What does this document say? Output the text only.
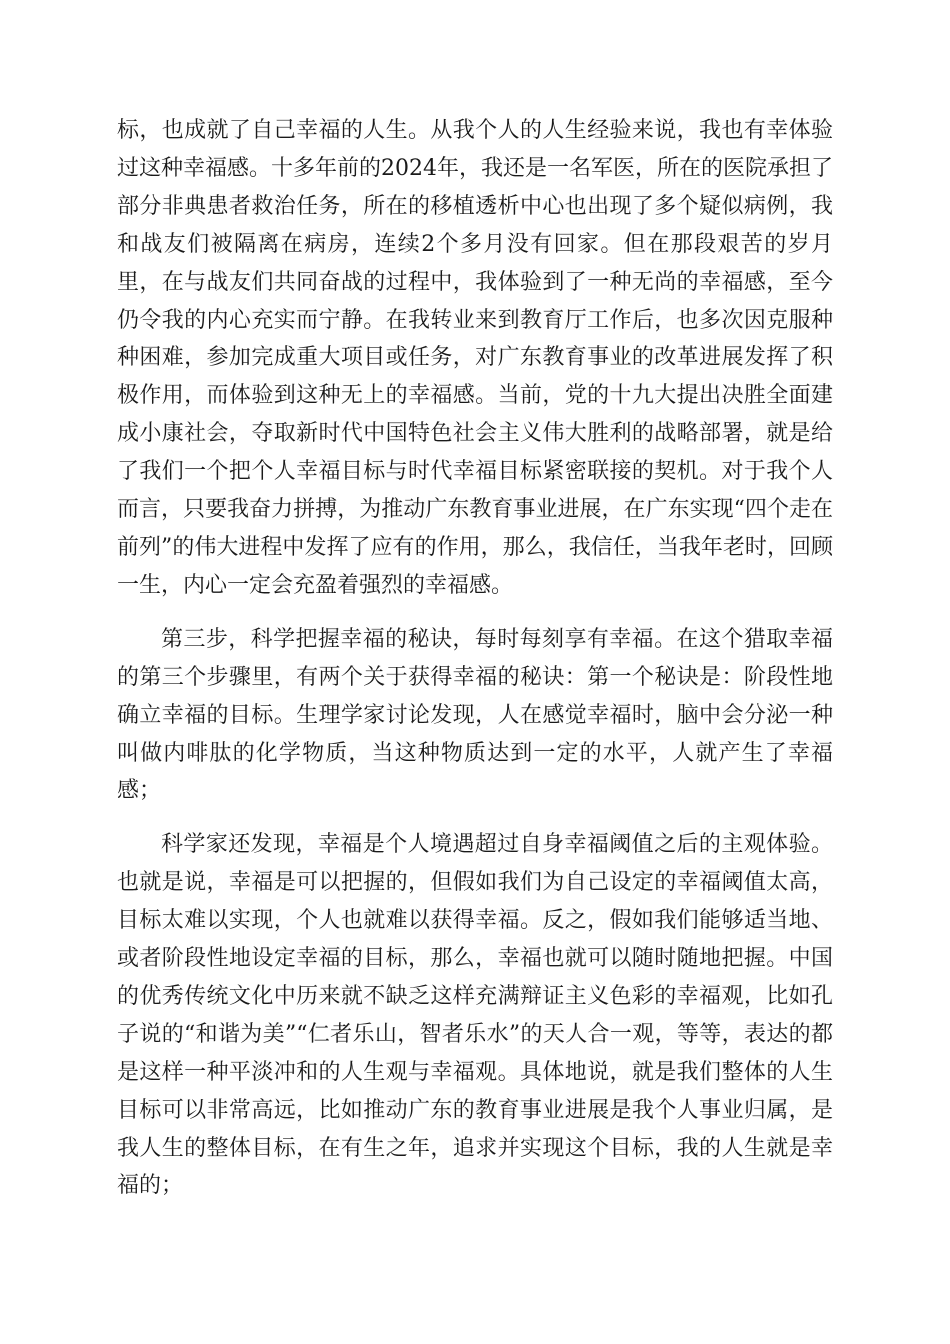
标，也成就了自己幸福的人生。从我个人的人生经验来说，我也有幸体验过这种幸福感。十多年前的2024年，我还是一名军医，所在的医院承担了部分非典患者救治任务，所在的移植透析中心也出现了多个疑似病例，我和战友们被隔离在病房，连续2个多月没有回家。但在那段艰苦的岁月里，在与战友们共同奋战的过程中，我体验到了一种无尚的幸福感，至今仍令我的内心充实而宁静。在我转业来到教育厅工作后，也多次因克服种种困难，参加完成重大项目或任务，对广东教育事业的改革进展发挥了积极作用，而体验到这种无上的幸福感。当前，党的十九大提出决胜全面建成小康社会，夺取新时代中国特色社会主义伟大胜利的战略部署，就是给了我们一个把个人幸福目标与时代幸福目标紧密联接的契机。对于我个人而言，只要我奋力拼搏，为推动广东教育事业进展，在广东实现“四个走在前列”的伟大进程中发挥了应有的作用，那么，我信任，当我年老时，回顾一生，内心一定会充盈着强烈的幸福感。

第三步，科学把握幸福的秘诀，每时每刻享有幸福。在这个猎取幸福的第三个步骤里，有两个关于获得幸福的秘诀：第一个秘诀是：阶段性地确立幸福的目标。生理学家讨论发现，人在感觉幸福时，脑中会分泌一种叫做内啡肽的化学物质，当这种物质达到一定的水平，人就产生了幸福感；

科学家还发现，幸福是个人境遇超过自身幸福阈值之后的主观体验。也就是说，幸福是可以把握的，但假如我们为自己设定的幸福阈值太高，目标太难以实现，个人也就难以获得幸福。反之，假如我们能够适当地、或者阶段性地设定幸福的目标，那么，幸福也就可以随时随地把握。中国的优秀传统文化中历来就不缺乏这样充满辩证主义色彩的幸福观，比如孔子说的“和谐为美”“仁者乐山，智者乐水”的天人合一观，等等，表达的都是这样一种平淡冲和的人生观与幸福观。具体地说，就是我们整体的人生目标可以非常高远，比如推动广东的教育事业进展是我个人事业归属，是我人生的整体目标，在有生之年，追求并实现这个目标，我的人生就是幸福的；
